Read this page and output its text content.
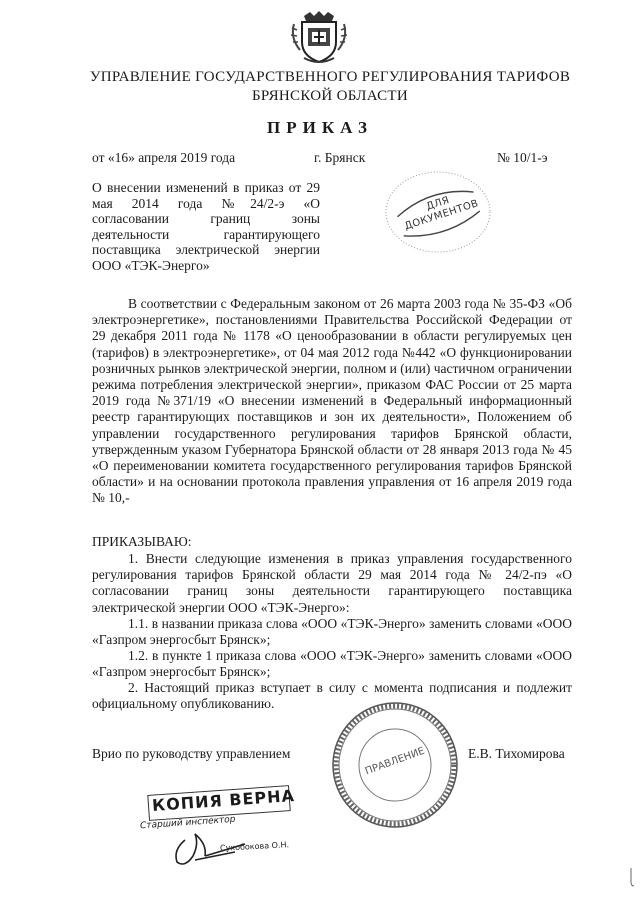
УПРАВЛЕНИЕ ГОСУДАРСТВЕННОГО РЕГУЛИРОВАНИЯ ТАРИФОВ
БРЯНСКОЙ ОБЛАСТИ
ПРИКАЗ
от «16» апреля 2019 года	г. Брянск	№ 10/1-э
О внесении изменений в приказ от 29 мая 2014 года №24/2-э «О согласовании границ зоны деятельности гарантирующего поставщика электрической энергии ООО «ТЭК-Энерго»
ДЛЯ ДОКУМЕНТОВ
В соответствии с Федеральным законом от 26 марта 2003 года № 35-ФЗ «Об электроэнергетике», постановлениями Правительства Российской Федерации от 29 декабря 2011 года № 1178 «О ценообразовании в области регулируемых цен (тарифов) в электроэнергетике», от 04 мая 2012 года №442 «О функционировании розничных рынков электрической энергии, полном и (или) частичном ограничении режима потребления электрической энергии», приказом ФАС России от 25 марта 2019 года №371/19 «О внесении изменений в Федеральный информационный реестр гарантирующих поставщиков и зон их деятельности», Положением об управлении государственного регулирования тарифов Брянской области, утвержденным указом Губернатора Брянской области от 28 января 2013 года № 45 «О переименовании комитета государственного регулирования тарифов Брянской области» и на основании протокола правления управления от 16 апреля 2019 года № 10,-
ПРИКАЗЫВАЮ:
1. Внести следующие изменения в приказ управления государственного регулирования тарифов Брянской области 29 мая 2014 года № 24/2-пэ «О согласовании границ зоны деятельности гарантирующего поставщика электрической энергии ООО «ТЭК-Энерго»:
1.1. в названии приказа слова «ООО «ТЭК-Энерго» заменить словами «ООО «Газпром энергосбыт Брянск»;
1.2. в пункте 1 приказа слова «ООО «ТЭК-Энерго» заменить словами «ООО «Газпром энергосбыт Брянск»;
2. Настоящий приказ вступает в силу с момента подписания и подлежит официальному опубликованию.
Врио по руководству управлением	Е.В. Тихомирова
ПРАВЛЕНИЕ
КОПИЯ ВЕРНА
Старший инспектор
Сухобокова О.Н.
